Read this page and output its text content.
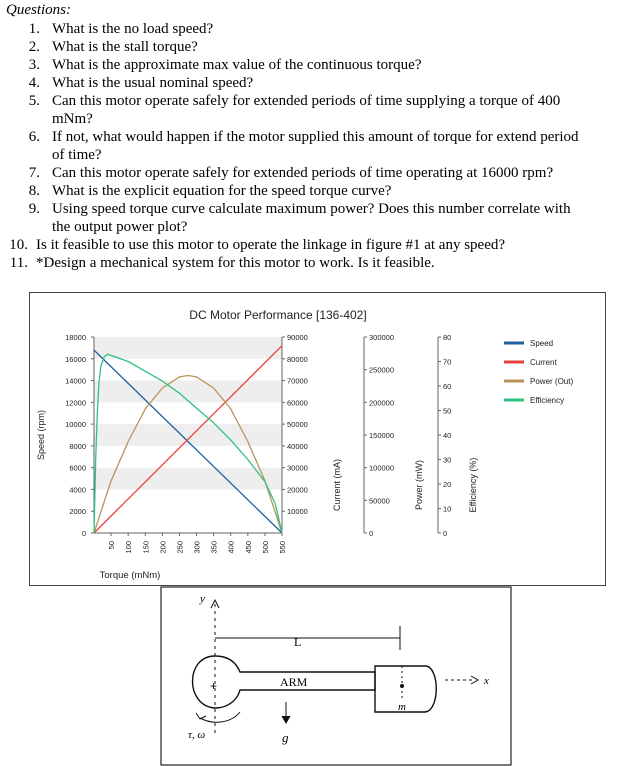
Questions:
1. What is the no load speed?
2. What is the stall torque?
3. What is the approximate max value of the continuous torque?
4. What is the usual nominal speed?
5. Can this motor operate safely for extended periods of time supplying a torque of 400
mNm?
6. If not, what would happen if the motor supplied this amount of torque for extend period
of time?
7. Can this motor operate safely for extended periods of time operating at 16000 rpm?
8. What is the explicit equation for the speed torque curve?
9. Using speed torque curve calculate maximum power? Does this number correlate with
the output power plot?
10. Is it feasible to use this motor to operate the linkage in figure #1 at any speed?
11. *Design a mechanical system for this motor to work. Is it feasible.
DC Motor Performance [136-402]
18000
16000
14000
12000
10000
8000
6000
4000
2000
0
Speed (rpm)
50 100 150 200 250 300 350 400 450 500 550
Torque (mNm)
90000
80000
70000
60000
50000
40000
30000
20000
10000
Current (mA)
300000
250000
200000
150000
100000
50000
0
Power (mW)
80
70
60
50
40
30
20
10
0
Efficiency (%)
Speed
Current
Power (Out)
Efficiency
y
L
+	ARM
m
x
g
τ, ω
